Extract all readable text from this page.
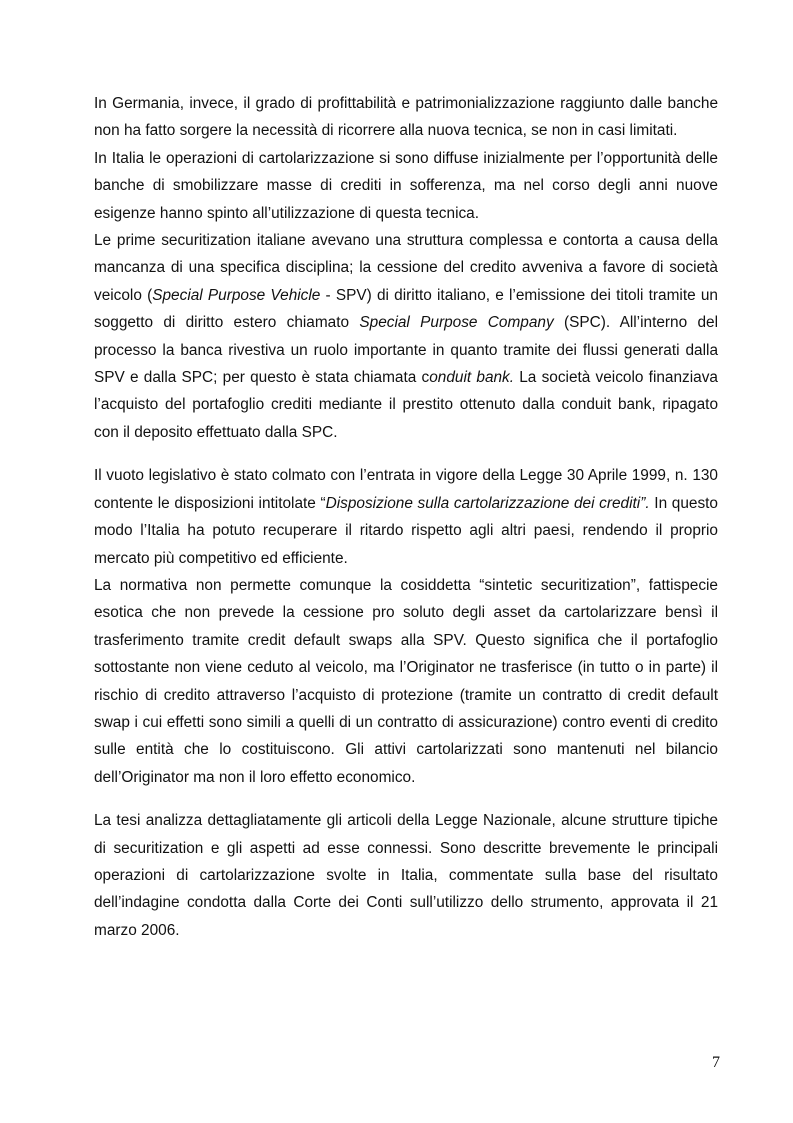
In Germania, invece, il grado di profittabilità e patrimonializzazione raggiunto dalle banche non ha fatto sorgere la necessità di ricorrere alla nuova tecnica, se non in casi limitati.

In Italia le operazioni di cartolarizzazione si sono diffuse inizialmente per l’opportunità delle banche di smobilizzare masse di crediti in sofferenza, ma nel corso degli anni nuove esigenze hanno spinto all’utilizzazione di questa tecnica.

Le prime securitization italiane avevano una struttura complessa e contorta a causa della mancanza di una specifica disciplina; la cessione del credito avveniva a favore di società veicolo (Special Purpose Vehicle - SPV) di diritto italiano, e l’emissione dei titoli tramite un soggetto di diritto estero chiamato Special Purpose Company (SPC). All’interno del processo la banca rivestiva un ruolo importante in quanto tramite dei flussi generati dalla SPV e dalla SPC; per questo è stata chiamata conduit bank. La società veicolo finanziava l’acquisto del portafoglio crediti mediante il prestito ottenuto dalla conduit bank, ripagato con il deposito effettuato dalla SPC.

Il vuoto legislativo è stato colmato con l’entrata in vigore della Legge 30 Aprile 1999, n. 130 contente le disposizioni intitolate “Disposizione sulla cartolarizzazione dei crediti”. In questo modo l’Italia ha potuto recuperare il ritardo rispetto agli altri paesi, rendendo il proprio mercato più competitivo ed efficiente.

La normativa non permette comunque la cosiddetta “sintetic securitization”, fattispecie esotica che non prevede la cessione pro soluto degli asset da cartolarizzare bensì il trasferimento tramite credit default swaps alla SPV. Questo significa che il portafoglio sottostante non viene ceduto al veicolo, ma l’Originator ne trasferisce (in tutto o in parte) il rischio di credito attraverso l’acquisto di protezione (tramite un contratto di credit default swap i cui effetti sono simili a quelli di un contratto di assicurazione) contro eventi di credito sulle entità che lo costituiscono. Gli attivi cartolarizzati sono mantenuti nel bilancio dell’Originator ma non il loro effetto economico.

La tesi analizza dettagliatamente gli articoli della Legge Nazionale, alcune strutture tipiche di securitization e gli aspetti ad esse connessi. Sono descritte brevemente le principali operazioni di cartolarizzazione svolte in Italia, commentate sulla base del risultato dell’indagine condotta dalla Corte dei Conti sull’utilizzo dello strumento, approvata il 21 marzo 2006.

7
